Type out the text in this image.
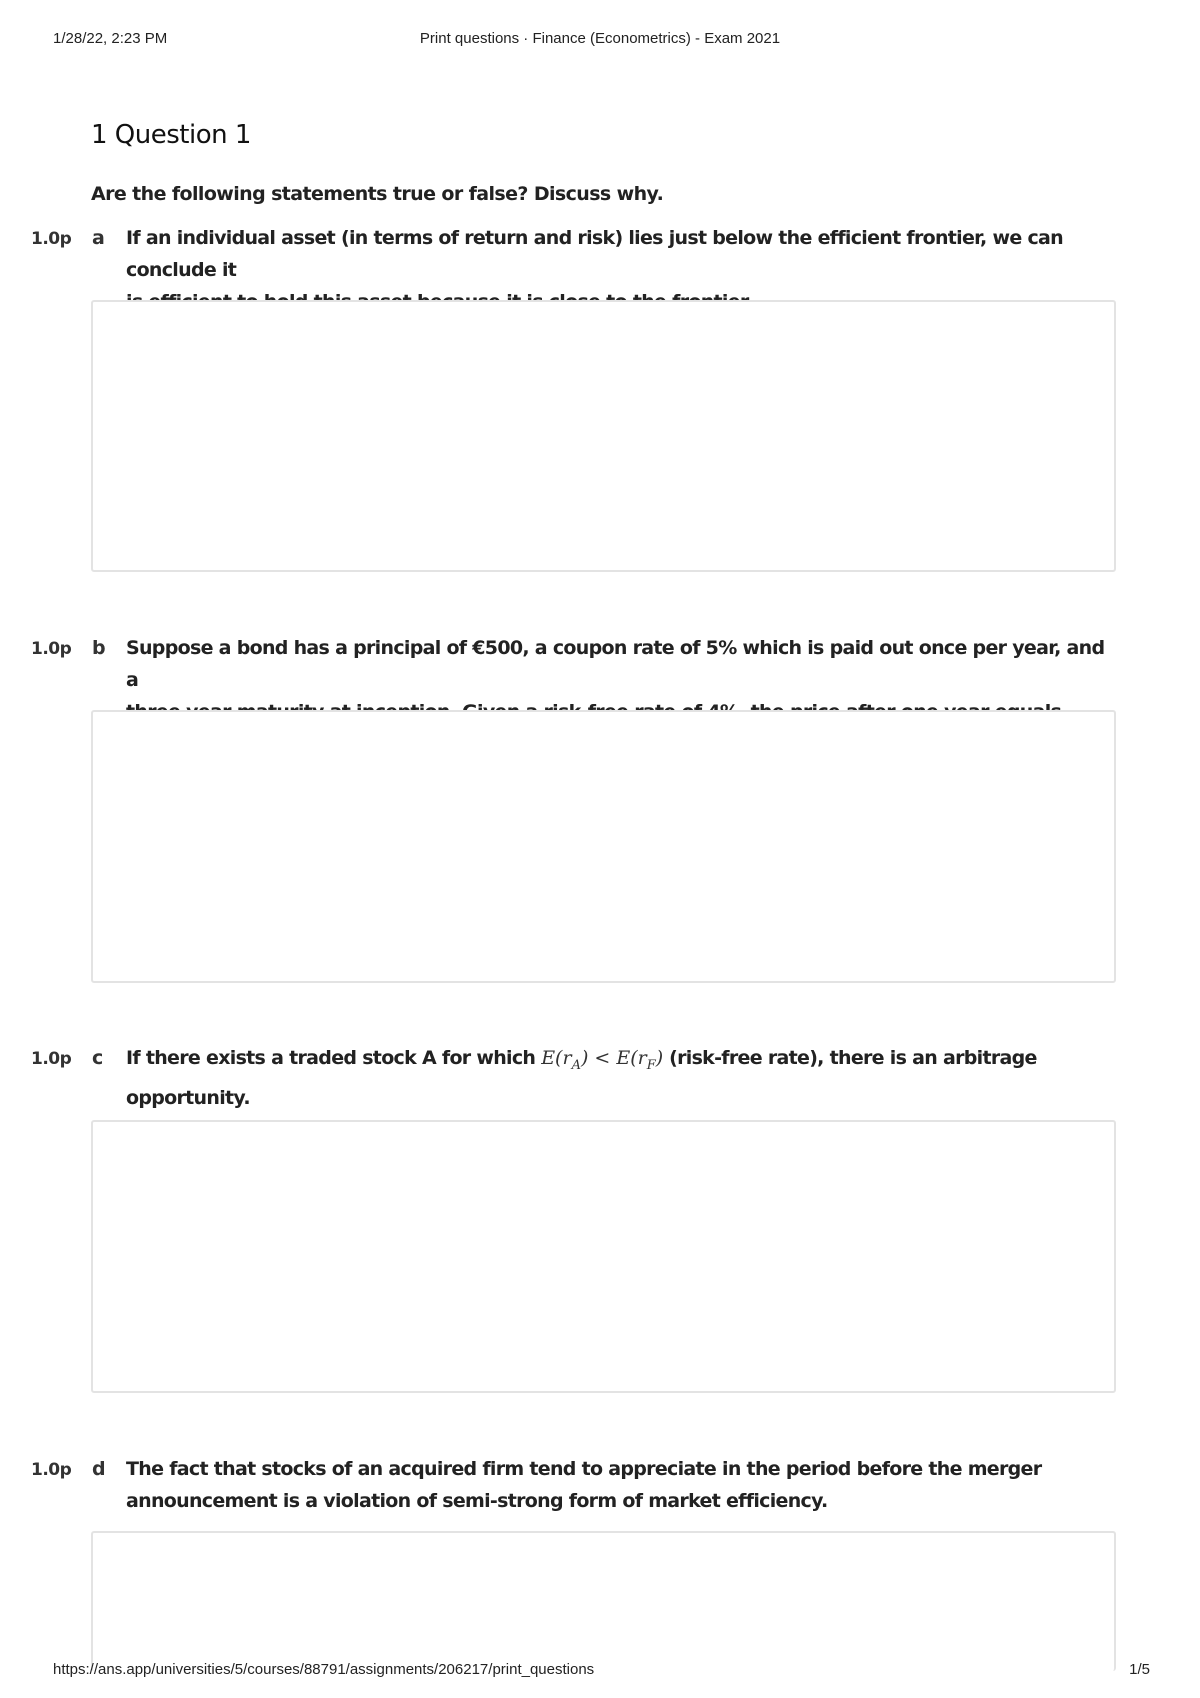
1/28/22, 2:23 PM	Print questions · Finance (Econometrics) - Exam 2021
1 Question 1
Are the following statements true or false? Discuss why.
1.0p a If an individual asset (in terms of return and risk) lies just below the efficient frontier, we can conclude it
1.0p b Suppose a bond has a principal of €500, a coupon rate of 5% which is paid out once per year, and a
1.0p c If there exists a traded stock A for which $E(r_A) < E(r_F)$ (risk-free rate), there is an arbitrage
opportunity.
1.0p d The fact that stocks of an acquired firm tend to appreciate in the period before the merger
announcement is a violation of semi-strong form of market efficiency.
https://ans.app/universities/5/courses/88791/assignments/206217/print_questions	1/5
